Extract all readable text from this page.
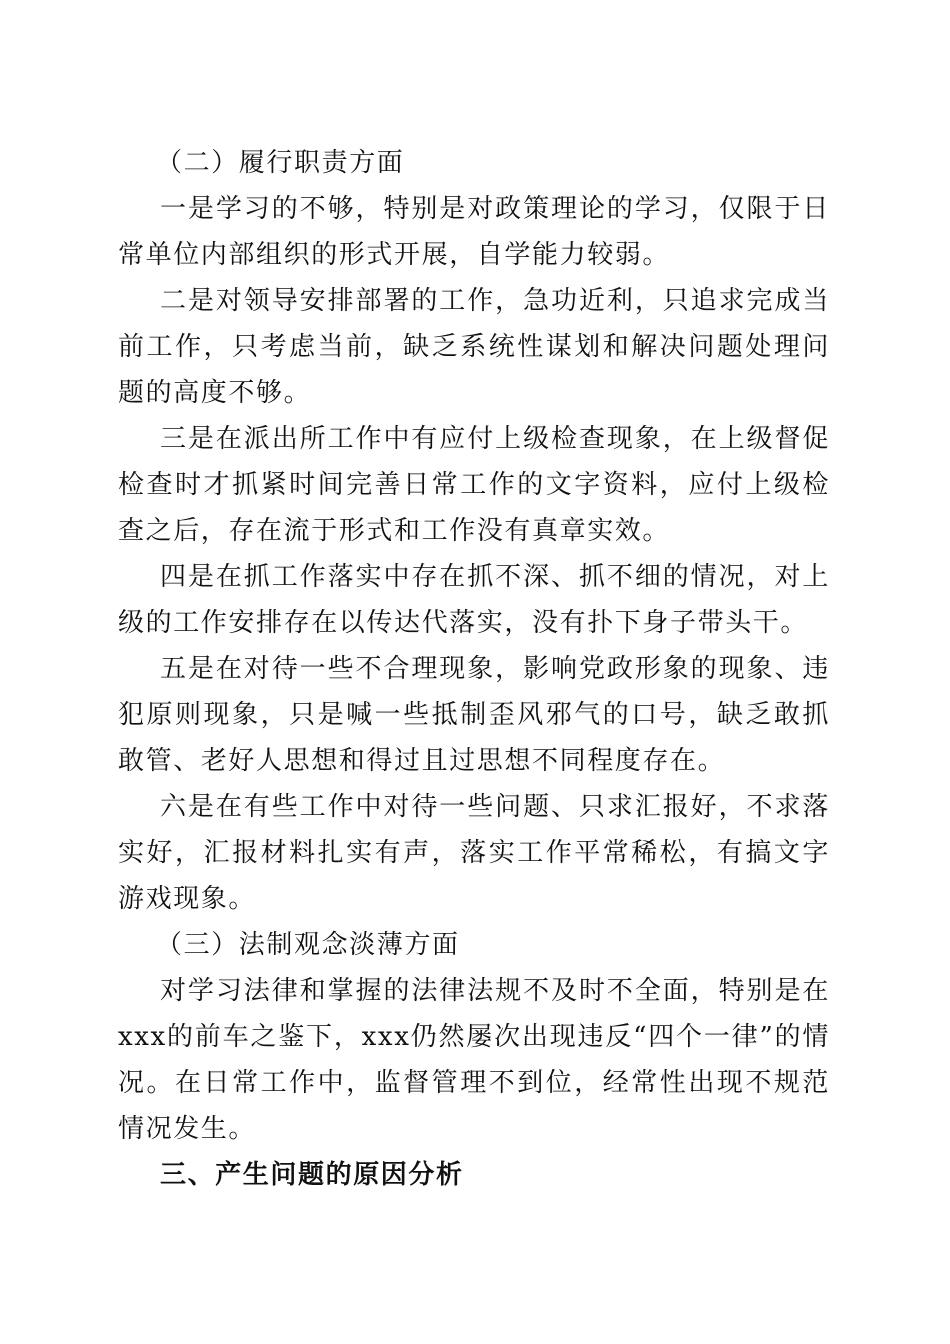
（二）履行职责方面

一是学习的不够，特别是对政策理论的学习，仅限于日常单位内部组织的形式开展，自学能力较弱。

二是对领导安排部署的工作，急功近利，只追求完成当前工作，只考虑当前，缺乏系统性谋划和解决问题处理问题的高度不够。

三是在派出所工作中有应付上级检查现象，在上级督促检查时才抓紧时间完善日常工作的文字资料，应付上级检查之后，存在流于形式和工作没有真章实效。

四是在抓工作落实中存在抓不深、抓不细的情况，对上级的工作安排存在以传达代落实，没有扑下身子带头干。

五是在对待一些不合理现象，影响党政形象的现象、违犯原则现象，只是喊一些抵制歪风邪气的口号，缺乏敢抓敢管、老好人思想和得过且过思想不同程度存在。

六是在有些工作中对待一些问题、只求汇报好，不求落实好，汇报材料扎实有声，落实工作平常稀松，有搞文字游戏现象。

（三）法制观念淡薄方面

对学习法律和掌握的法律法规不及时不全面，特别是在xxx的前车之鉴下，xxx仍然屡次出现违反“四个一律”的情况。在日常工作中，监督管理不到位，经常性出现不规范情况发生。

三、产生问题的原因分析
